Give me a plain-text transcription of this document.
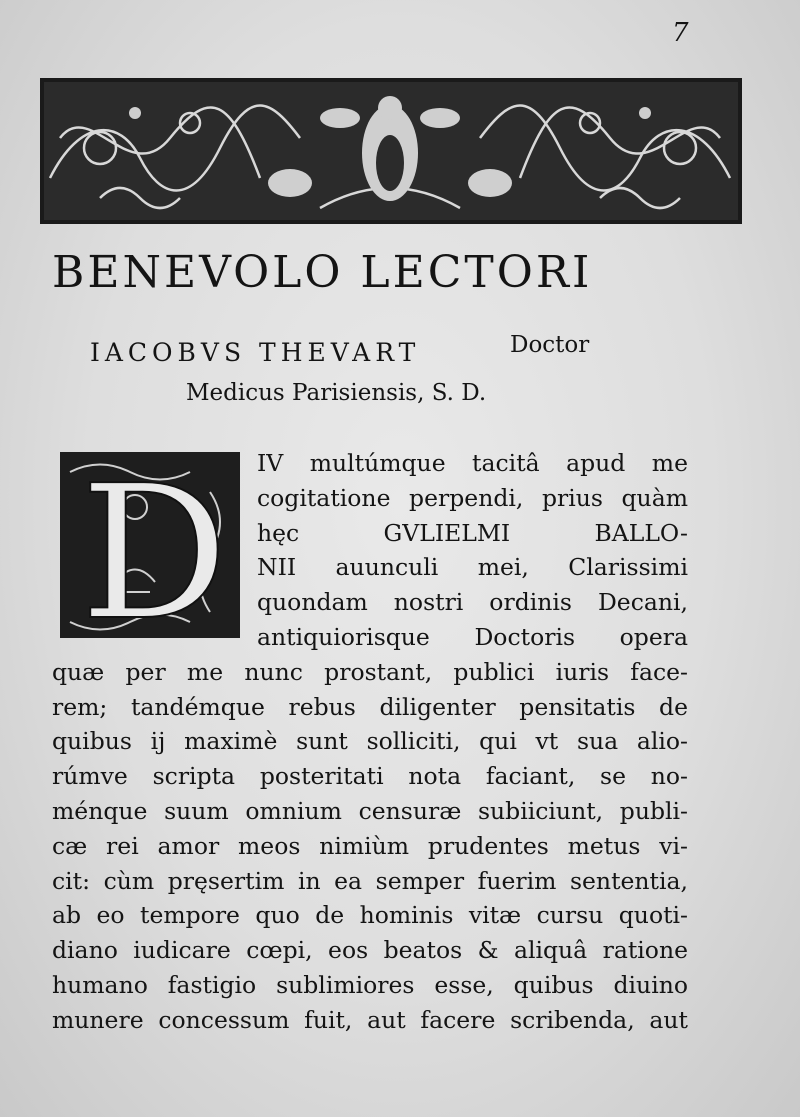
7
BENEVOLO LECTORI
IACOBVS THEVART	Doctor
Medicus Parisiensis, S. D.
D	IV multúmque tacitâ apud me
cogitatione perpendi, prius quàm
hęc GVLIELMI BALLO-
NII auunculi mei, Clarissimi
quondam nostri ordinis Decani,
antiquiorisque Doctoris opera
quæ per me nunc prostant, publici iuris face-
rem; tandémque rebus diligenter pensitatis de
quibus ij maximè sunt solliciti, qui vt sua alio-
rúmve scripta posteritati nota faciant, se no-
ménque suum omnium censuræ subiiciunt, publi-
cæ rei amor meos nimiùm prudentes metus vi-
cit: cùm pręsertim in ea semper fuerim sententia,
ab eo tempore quo de hominis vitæ cursu quoti-
diano iudicare cœpi, eos beatos & aliquâ ratione
humano fastigio sublimiores esse, quibus diuino
munere concessum fuit, aut facere scribenda, aut
